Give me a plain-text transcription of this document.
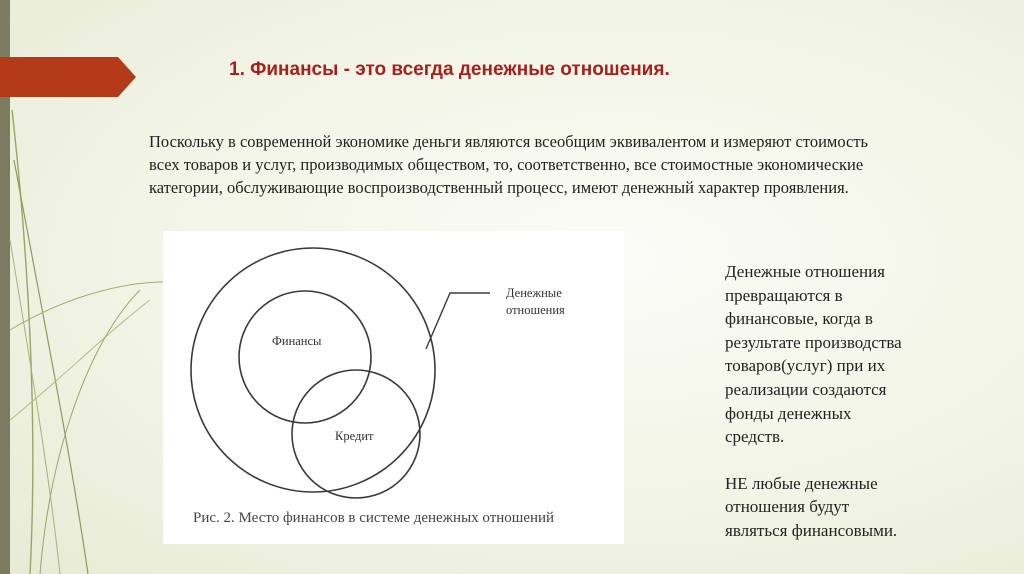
1. Финансы - это всегда денежные отношения.

Поскольку в современной экономике деньги являются всеобщим эквивалентом и измеряют стоимость

всех товаров и услуг, производимых обществом, то, соответственно, все стоимостные экономические

категории, обслуживающие воспроизводственный процесс, имеют денежный характер проявления.

Денежные
отношения
Финансы
Кредит
Рис. 2. Место финансов в системе денежных отношений

Денежные отношения

превращаются в

финансовые, когда в

результате производства

товаров(услуг) при их

реализации создаются

фонды денежных

средств.

НЕ любые денежные

отношения будут

являться финансовыми.
